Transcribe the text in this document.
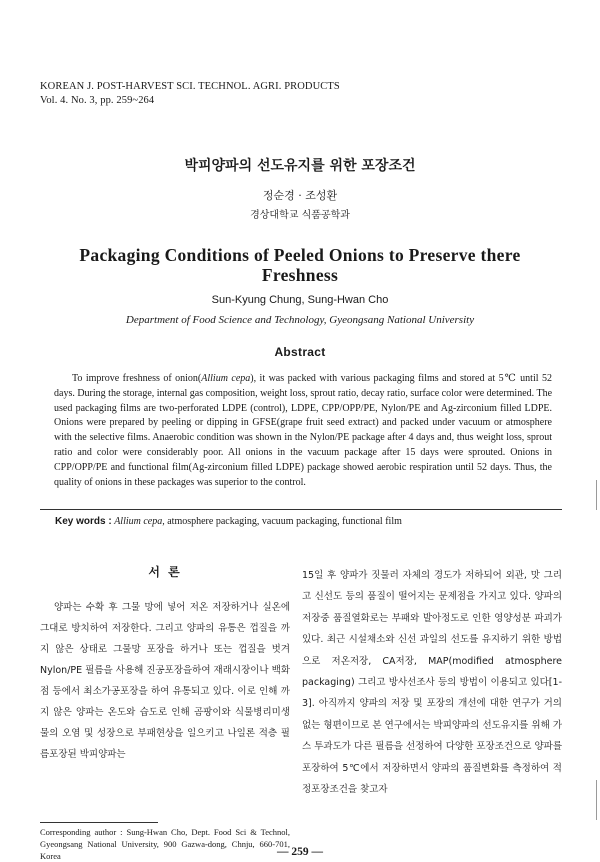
KOREAN J. POST-HARVEST SCI. TECHNOL. AGRI. PRODUCTS
Vol. 4. No. 3, pp. 259~264
박피양파의 선도유지를 위한 포장조건
정순경 · 조성환
경상대학교 식품공학과
Packaging Conditions of Peeled Onions to Preserve there Freshness
Sun-Kyung Chung, Sung-Hwan Cho
Department of Food Science and Technology, Gyeongsang National University
Abstract

To improve freshness of onion(Allium cepa), it was packed with various packaging films and stored at 5℃ until 52 days. During the storage, internal gas composition, weight loss, sprout ratio, decay ratio, surface color were determined. The used packaging films are two-perforated LDPE (control), LDPE, CPP/OPP/PE, Nylon/PE and Ag-zirconium filled LDPE. Onions were prepared by peeling or dipping in GFSE(grape fruit seed extract) and packed under vacuum or atmosphere with the selective films. Anaerobic condition was shown in the Nylon/PE package after 4 days and, thus weight loss, sprout ratio and color were considerably poor. All onions in the vacuum package after 15 days were sprouted. Onions in CPP/OPP/PE and functional film(Ag-zirconium filled LDPE) package showed aerobic respiration until 52 days. Thus, the quality of onions in these packages was superior to the control.

Key words : Allium cepa, atmosphere packaging, vacuum packaging, functional film
서 론

양파는 수확 후 그물 망에 넣어 저온 저장하거나 실온에 그대로 방치하여 저장한다. 그리고 양파의 유통은 껍질을 까지 않은 상태로 그물망 포장을 하거나 또는 껍질을 벗겨 Nylon/PE 필름을 사용해 진공포장을하여 재래시장이나 백화점 등에서 최소가공포장을 하여 유통되고 있다. 이로 인해 까지 않은 양파는 온도와 습도로 인해 곰팡이와 식물병리미생물의 오염 및 성장으로 부패현상을 일으키고 나일론 적층 필름포장된 박피양파는

15일 후 양파가 짓물러 자체의 경도가 저하되어 외관, 맛 그리고 신선도 등의 품질이 떨어지는 문제점을 가지고 있다. 양파의 저장중 품질열화로는 부패와 발아정도로 인한 영양성분 파괴가 있다. 최근 시설채소와 신선 과일의 선도를 유지하기 위한 방법으로 저온저장, CA저장, MAP(modified atmosphere packaging) 그리고 방사선조사 등의 방법이 이용되고 있다[1-3]. 아직까지 양파의 저장 및 포장의 개선에 대한 연구가 거의 없는 형편이므로 본 연구에서는 박피양파의 선도유지를 위해 가스 투과도가 다른 필름을 선정하여 다양한 포장조건으로 양파를 포장하여 5℃에서 저장하면서 양파의 품질변화를 측정하여 적정포장조건을 찾고자

Corresponding author : Sung-Hwan Cho, Dept. Food Sci & Technol, Gyeongsang National University, 900 Gazwa-dong, Chnju, 660-701, Korea	— 259 —
